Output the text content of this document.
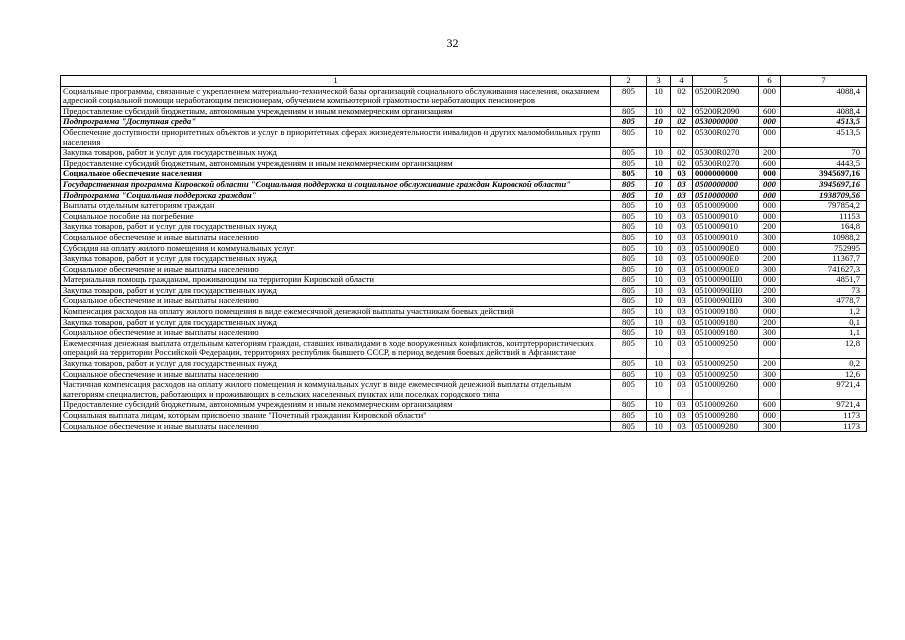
32
1	2	3	4	5	6	7
Социальные программы, связанные с укреплением материально-технической базы организаций социального обслуживания населения, оказанием адресной социальной помощи неработающим пенсионерам, обучением компьютерной грамотности неработающих пенсионеров	805	10	02	05200R2090	000	4088,4
Предоставление субсидий бюджетным, автономным учреждениям и иным некоммерческим организациям	805	10	02	05200R2090	600	4088,4
Подпрограмма "Доступная среда"	805	10	02	0530000000	000	4513,5
Обеспечение доступности приоритетных объектов и услуг в приоритетных сферах жизнедеятельности инвалидов и других маломобильных групп населения	805	10	02	05300R0270	000	4513,5
Закупка товаров, работ и услуг для государственных нужд	805	10	02	05300R0270	200	70
Предоставление субсидий бюджетным, автономным учреждениям и иным некоммерческим организациям	805	10	02	05300R0270	600	4443,5
Социальное обеспечение населения	805	10	03	0000000000	000	3945697,16
Государственная программа Кировской области "Социальная поддержка и социальное обслуживание граждан Кировской области"	805	10	03	0500000000	000	3945697,16
Подпрограмма "Социальная поддержка граждан"	805	10	03	0510000000	000	1938709,56
Выплаты отдельным категориям граждан	805	10	03	0510009000	000	797854,2
Социальное пособие на погребение	805	10	03	0510009010	000	11153
Закупка товаров, работ и услуг для государственных нужд	805	10	03	0510009010	200	164,8
Социальное обеспечение и иные выплаты населению	805	10	03	0510009010	300	10988,2
Субсидия на оплату жилого помещения и коммунальных услуг	805	10	03	05100090Е0	000	752995
Закупка товаров, работ и услуг для государственных нужд	805	10	03	05100090Е0	200	11367,7
Социальное обеспечение и иные выплаты населению	805	10	03	05100090Е0	300	741627,3
Материальная помощь гражданам, проживающим на территории Кировской области	805	10	03	05100090Ш0	000	4851,7
Закупка товаров, работ и услуг для государственных нужд	805	10	03	05100090Ш0	200	73
Социальное обеспечение и иные выплаты населению	805	10	03	05100090Ш0	300	4778,7
Компенсация расходов на оплату жилого помещения в виде ежемесячной денежной выплаты участникам боевых действий	805	10	03	0510009180	000	1,2
Закупка товаров, работ и услуг для государственных нужд	805	10	03	0510009180	200	0,1
Социальное обеспечение и иные выплаты населению	805	10	03	0510009180	300	1,1
Ежемесячная денежная выплата отдельным категориям граждан, ставших инвалидами в ходе вооруженных конфликтов, контртеррористических операций на территории Российской Федерации, территориях республик бывшего СССР, в период ведения боевых действий в Афганистане	805	10	03	0510009250	000	12,8
Закупка товаров, работ и услуг для государственных нужд	805	10	03	0510009250	200	0,2
Социальное обеспечение и иные выплаты населению	805	10	03	0510009250	300	12,6
Частичная компенсация расходов на оплату жилого помещения и коммунальных услуг в виде ежемесячной денежной выплаты отдельным категориям специалистов, работающих и проживающих в сельских населенных пунктах или поселках городского типа	805	10	03	0510009260	000	9721,4
Предоставление субсидий бюджетным, автономным учреждениям и иным некоммерческим организациям	805	10	03	0510009260	600	9721,4
Социальная выплата лицам, которым присвоено звание "Почетный гражданин Кировской области"	805	10	03	0510009280	000	1173
Социальное обеспечение и иные выплаты населению	805	10	03	0510009280	300	1173
